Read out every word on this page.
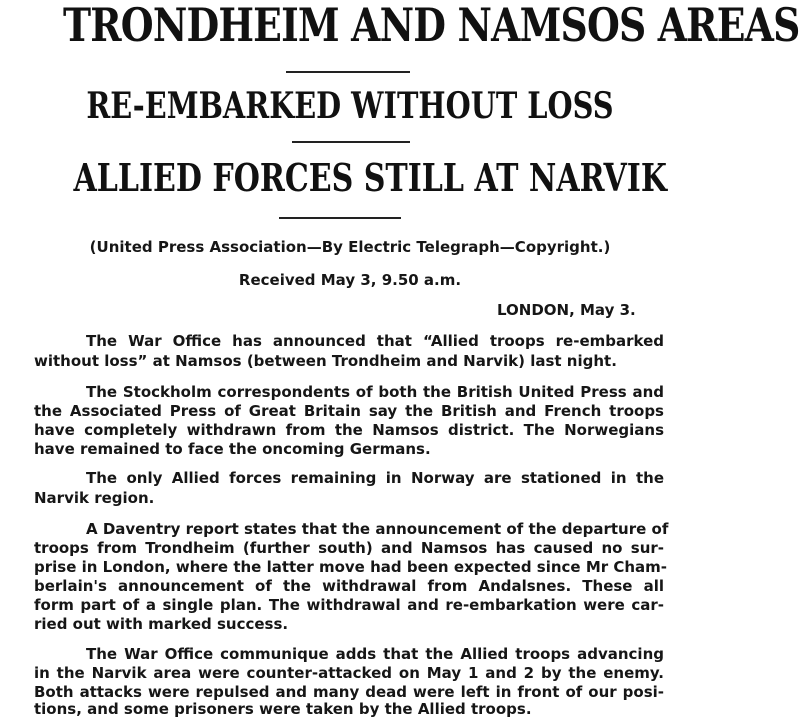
TRONDHEIM AND NAMSOS AREAS
RE-EMBARKED WITHOUT LOSS
ALLIED FORCES STILL AT NARVIK
(United Press Association—By Electric Telegraph—Copyright.)
Received May 3, 9.50 a.m.
LONDON, May 3.
The War Office has announced that “Allied troops re-embarked
without loss” at Namsos (between Trondheim and Narvik) last night.
The Stockholm correspondents of both the British United Press and
the Associated Press of Great Britain say the British and French troops
have completely withdrawn from the Namsos district. The Norwegians
have remained to face the oncoming Germans.
The only Allied forces remaining in Norway are stationed in the
Narvik region.
A Daventry report states that the announcement of the departure of
troops from Trondheim (further south) and Namsos has caused no sur-
prise in London, where the latter move had been expected since Mr Cham-
berlain's announcement of the withdrawal from Andalsnes. These all
form part of a single plan. The withdrawal and re-embarkation were car-
ried out with marked success.
The War Office communique adds that the Allied troops advancing
in the Narvik area were counter-attacked on May 1 and 2 by the enemy.
Both attacks were repulsed and many dead were left in front of our posi-
tions, and some prisoners were taken by the Allied troops.
